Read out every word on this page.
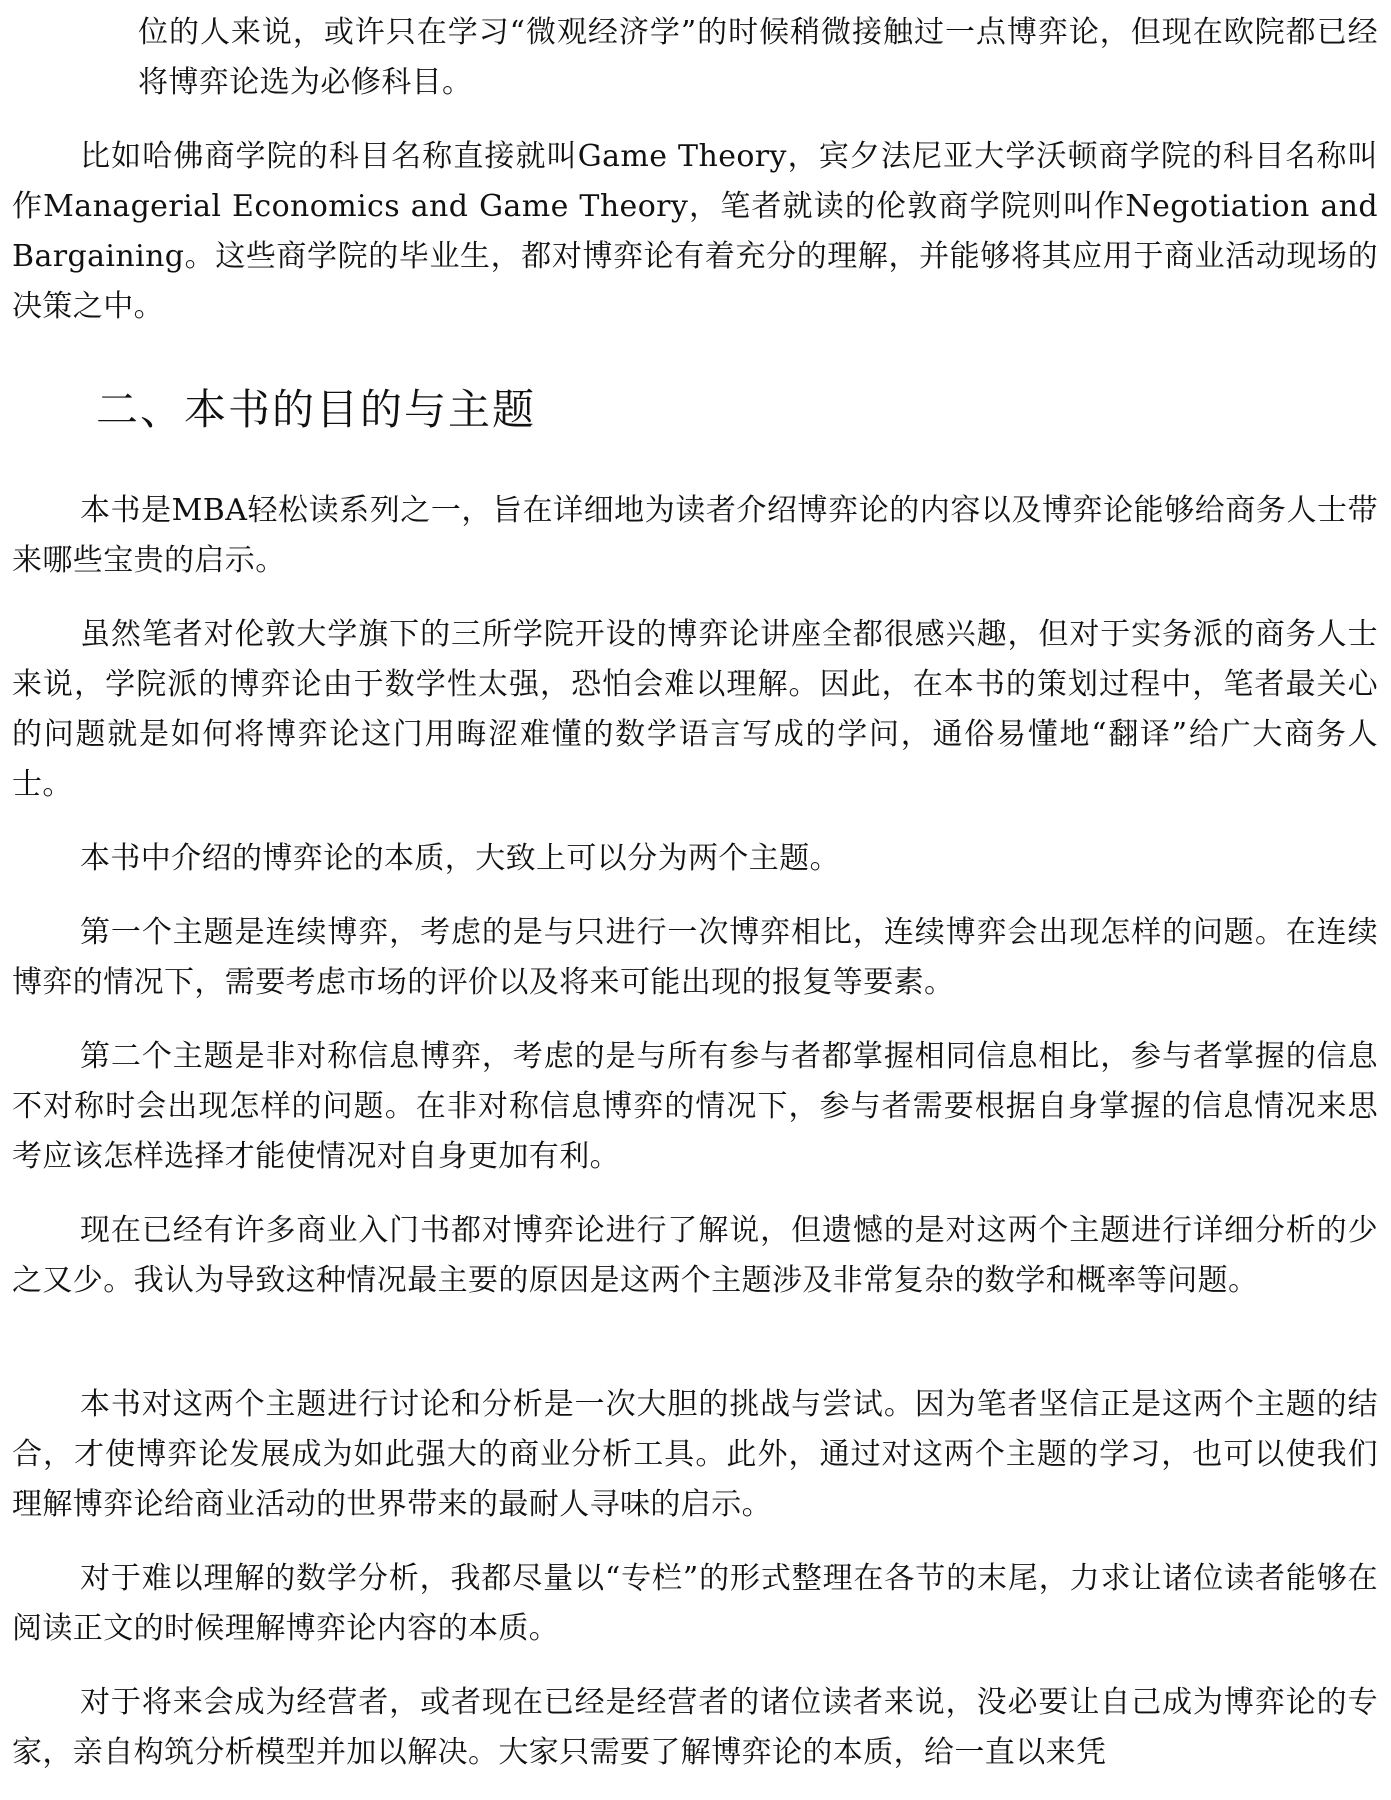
位的人来说，或许只在学习“微观经济学”的时候稍微接触过一点博弈论，但现在欧院都已经将博弈论选为必修科目。

比如哈佛商学院的科目名称直接就叫Game Theory，宾夕法尼亚大学沃顿商学院的科目名称叫作Managerial Economics and Game Theory，笔者就读的伦敦商学院则叫作Negotiation and Bargaining。这些商学院的毕业生，都对博弈论有着充分的理解，并能够将其应用于商业活动现场的决策之中。

二、本书的目的与主题

本书是MBA轻松读系列之一，旨在详细地为读者介绍博弈论的内容以及博弈论能够给商务人士带来哪些宝贵的启示。

虽然笔者对伦敦大学旗下的三所学院开设的博弈论讲座全都很感兴趣，但对于实务派的商务人士来说，学院派的博弈论由于数学性太强，恐怕会难以理解。因此，在本书的策划过程中，笔者最关心的问题就是如何将博弈论这门用晦涩难懂的数学语言写成的学问，通俗易懂地“翻译”给广大商务人士。

本书中介绍的博弈论的本质，大致上可以分为两个主题。

第一个主题是连续博弈，考虑的是与只进行一次博弈相比，连续博弈会出现怎样的问题。在连续博弈的情况下，需要考虑市场的评价以及将来可能出现的报复等要素。

第二个主题是非对称信息博弈，考虑的是与所有参与者都掌握相同信息相比，参与者掌握的信息不对称时会出现怎样的问题。在非对称信息博弈的情况下，参与者需要根据自身掌握的信息情况来思考应该怎样选择才能使情况对自身更加有利。

现在已经有许多商业入门书都对博弈论进行了解说，但遗憾的是对这两个主题进行详细分析的少之又少。我认为导致这种情况最主要的原因是这两个主题涉及非常复杂的数学和概率等问题。

本书对这两个主题进行讨论和分析是一次大胆的挑战与尝试。因为笔者坚信正是这两个主题的结合，才使博弈论发展成为如此强大的商业分析工具。此外，通过对这两个主题的学习，也可以使我们理解博弈论给商业活动的世界带来的最耐人寻味的启示。

对于难以理解的数学分析，我都尽量以“专栏”的形式整理在各节的末尾，力求让诸位读者能够在阅读正文的时候理解博弈论内容的本质。

对于将来会成为经营者，或者现在已经是经营者的诸位读者来说，没必要让自己成为博弈论的专家，亲自构筑分析模型并加以解决。大家只需要了解博弈论的本质，给一直以来凭
